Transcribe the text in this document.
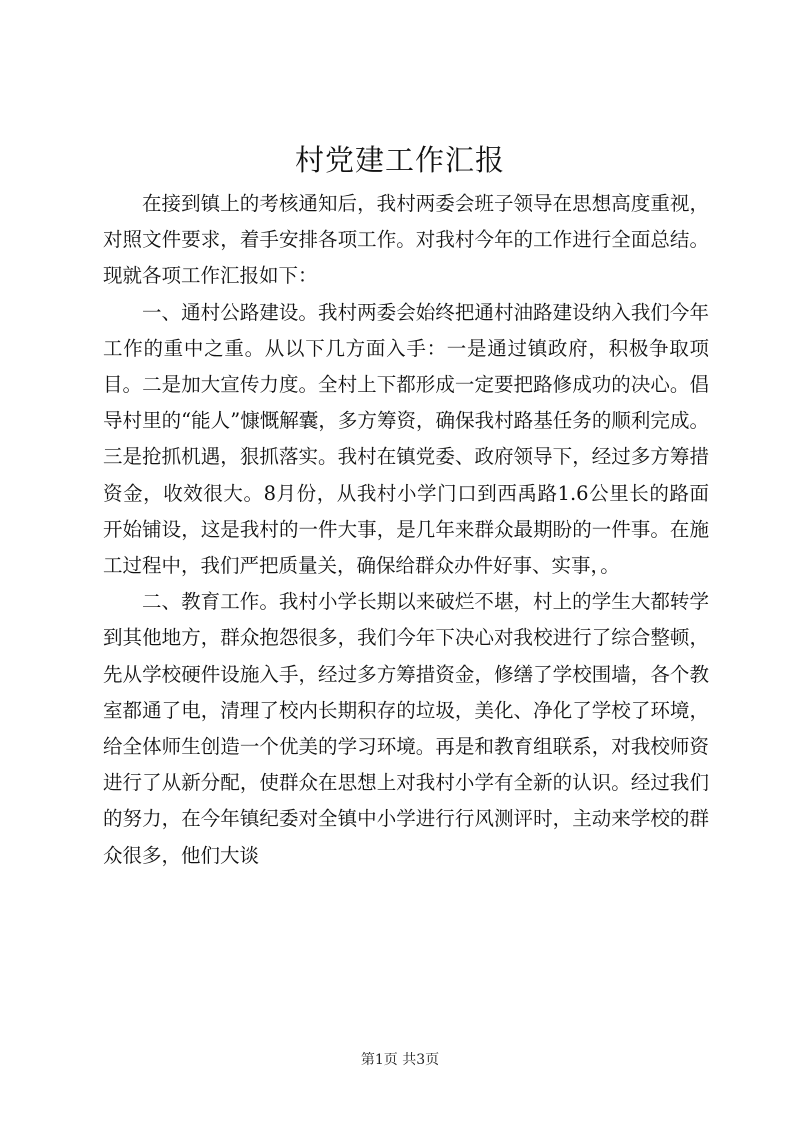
村党建工作汇报

在接到镇上的考核通知后，我村两委会班子领导在思想高度重视，对照文件要求，着手安排各项工作。对我村今年的工作进行全面总结。现就各项工作汇报如下：

一、通村公路建设。我村两委会始终把通村油路建设纳入我们今年工作的重中之重。从以下几方面入手：一是通过镇政府，积极争取项目。二是加大宣传力度。全村上下都形成一定要把路修成功的决心。倡导村里的“能人”慷慨解囊，多方筹资，确保我村路基任务的顺利完成。三是抢抓机遇，狠抓落实。我村在镇党委、政府领导下，经过多方筹措资金，收效很大。8月份，从我村小学门口到西禹路1.6公里长的路面开始铺设，这是我村的一件大事，是几年来群众最期盼的一件事。在施工过程中，我们严把质量关，确保给群众办件好事、实事，。

二、教育工作。我村小学长期以来破烂不堪，村上的学生大都转学到其他地方，群众抱怨很多，我们今年下决心对我校进行了综合整顿，先从学校硬件设施入手，经过多方筹措资金，修缮了学校围墙，各个教室都通了电，清理了校内长期积存的垃圾，美化、净化了学校了环境，给全体师生创造一个优美的学习环境。再是和教育组联系，对我校师资进行了从新分配，使群众在思想上对我村小学有全新的认识。经过我们的努力，在今年镇纪委对全镇中小学进行行风测评时，主动来学校的群众很多，他们大谈

第1页 共3页
